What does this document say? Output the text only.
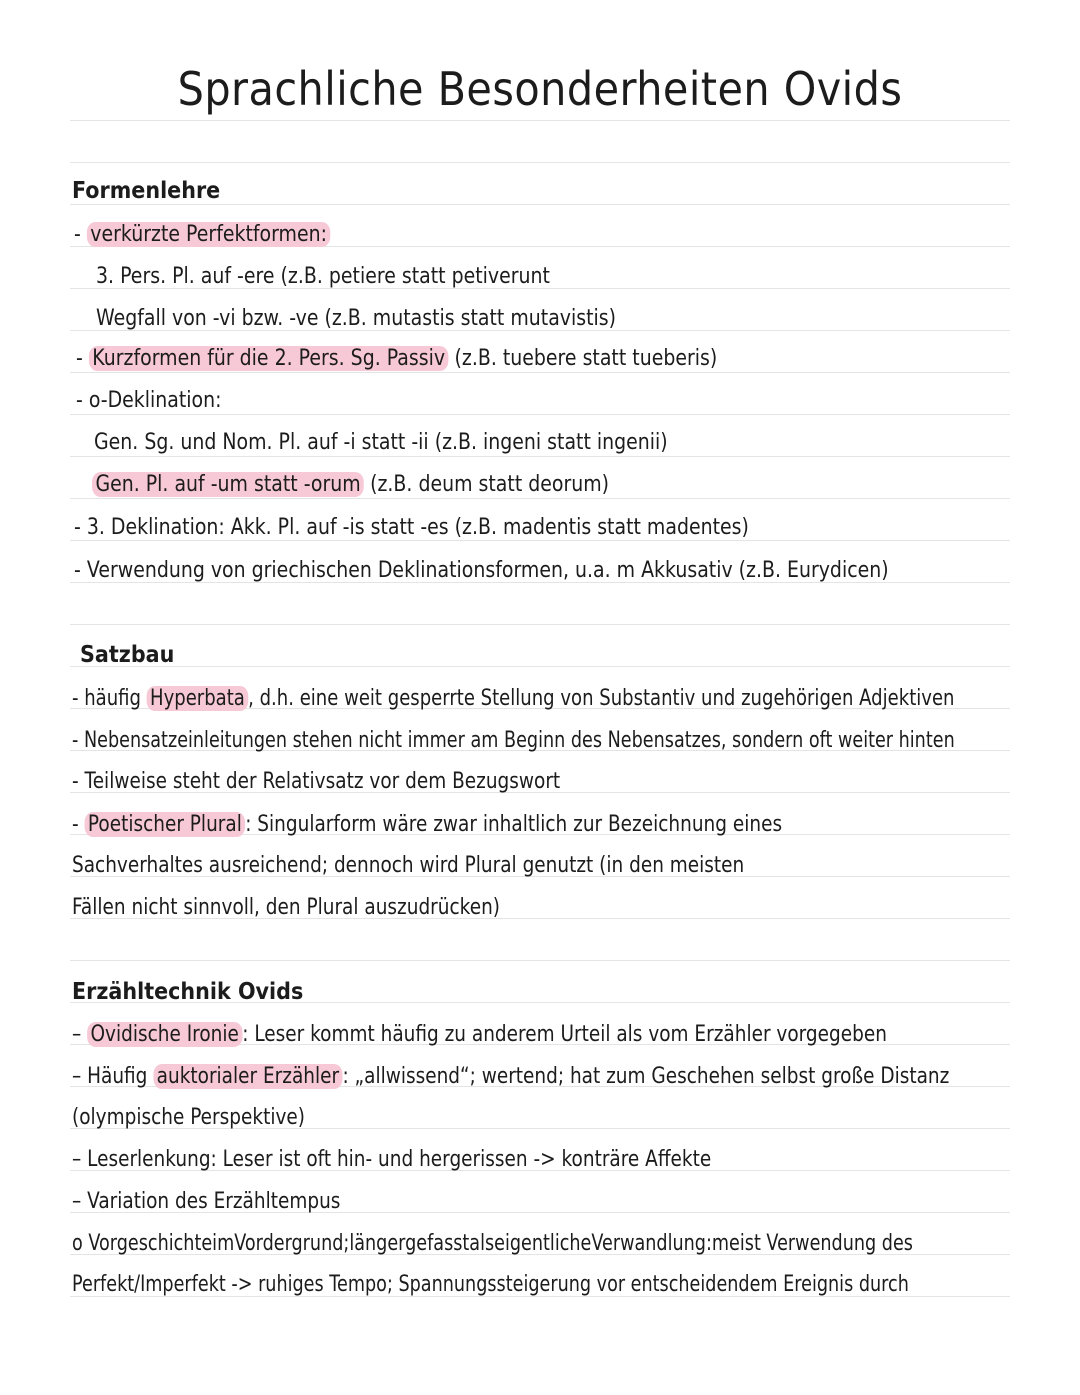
Sprachliche Besonderheiten Ovids
Formenlehre
- verkürzte Perfektformen:
3. Pers. Pl. auf -ere (z.B. petiere statt petiverunt
Wegfall von -vi bzw. -ve (z.B. mutastis statt mutavistis)
- Kurzformen für die 2. Pers. Sg. Passiv (z.B. tuebere statt tueberis)
- o-Deklination:
Gen. Sg. und Nom. Pl. auf -i statt -ii (z.B. ingeni statt ingenii)
Gen. Pl. auf -um statt -orum (z.B. deum statt deorum)
- 3. Deklination: Akk. Pl. auf -is statt -es (z.B. madentis statt madentes)
- Verwendung von griechischen Deklinationsformen, u.a. m Akkusativ (z.B. Eurydicen)
Satzbau
- häufig Hyperbata , d.h. eine weit gesperrte Stellung von Substantiv und zugehörigen Adjektiven
- Nebensatzeinleitungen stehen nicht immer am Beginn des Nebensatzes, sondern oft weiter hinten
- Teilweise steht der Relativsatz vor dem Bezugswort
- Poetischer Plural : Singularform wäre zwar inhaltlich zur Bezeichnung eines
Sachverhaltes ausreichend; dennoch wird Plural genutzt (in den meisten
Fällen nicht sinnvoll, den Plural auszudrücken)
Erzähltechnik Ovids
– Ovidische Ironie : Leser kommt häufig zu anderem Urteil als vom Erzähler vorgegeben
– Häufig auktorialer Erzähler : „allwissend“; wertend; hat zum Geschehen selbst große Distanz
(olympische Perspektive)
– Leserlenkung: Leser ist oft hin- und hergerissen -> konträre Affekte
– Variation des Erzähltempus
o VorgeschichteimVordergrund;längergefasstalseigentlicheVerwandlung:meist Verwendung des
Perfekt/Imperfekt -> ruhiges Tempo; Spannungssteigerung vor entscheidendem Ereignis durch
